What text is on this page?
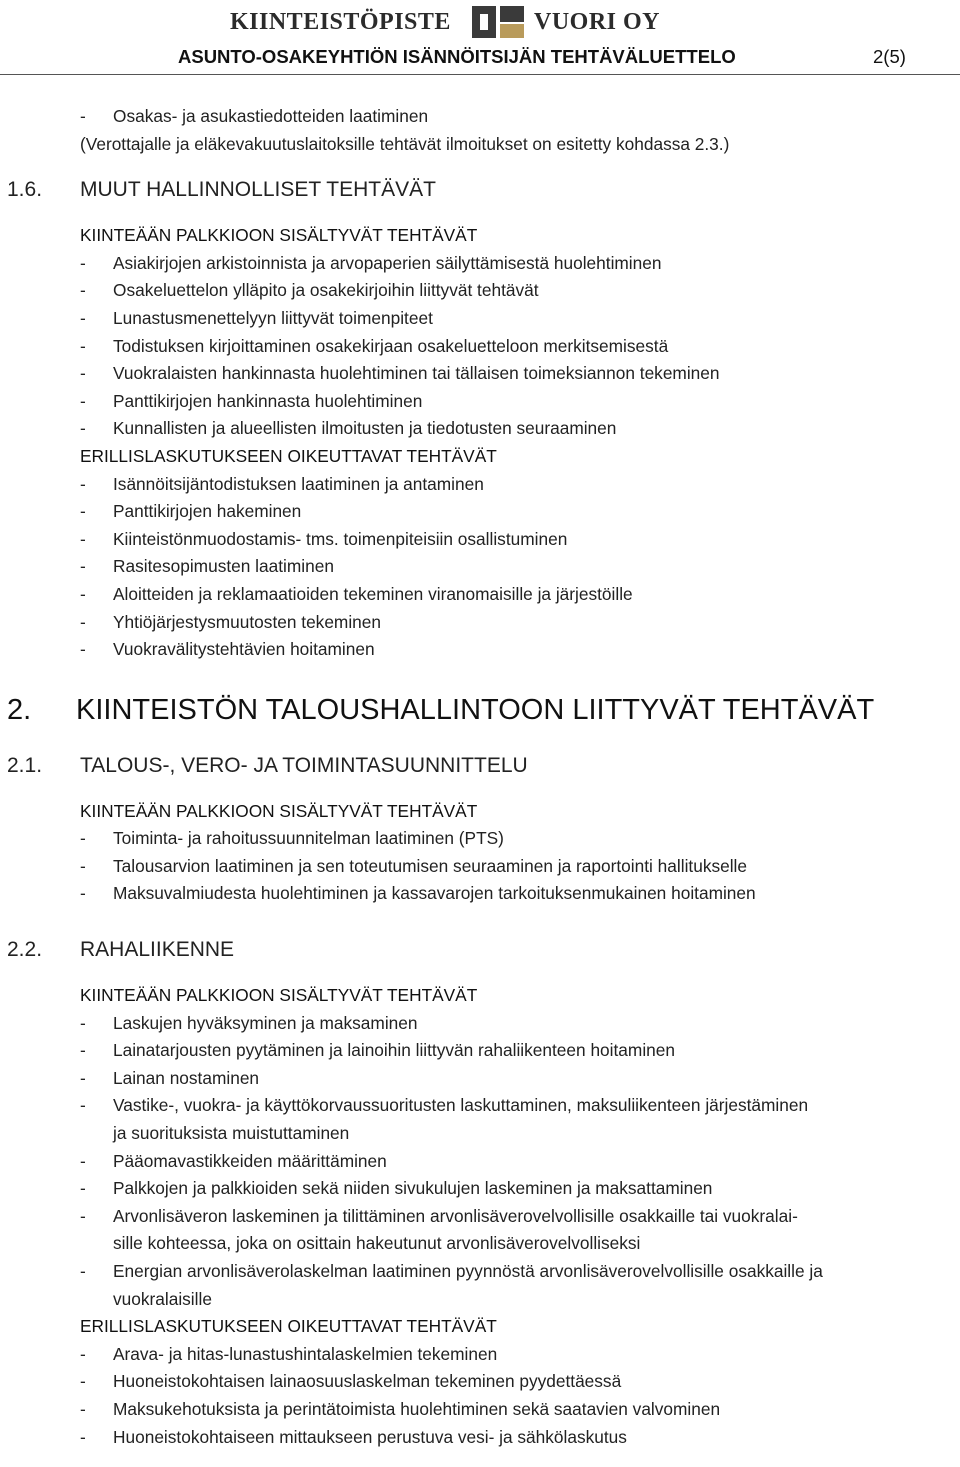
KIINTEISTÖPISTE	VUORI OY
ASUNTO-OSAKEYHTIÖN ISÄNNÖITSIJÄN TEHTÄVÄLUETTELO	2(5)
- Osakas- ja asukastiedotteiden laatiminen
(Verottajalle ja eläkevakuutuslaitoksille tehtävät ilmoitukset on esitetty kohdassa 2.3.)
1.6. MUUT HALLINNOLLISET TEHTÄVÄT
KIINTEÄÄN PALKKIOON SISÄLTYVÄT TEHTÄVÄT
- Asiakirjojen arkistoinnista ja arvopaperien säilyttämisestä huolehtiminen
- Osakeluettelon ylläpito ja osakekirjoihin liittyvät tehtävät
- Lunastusmenettelyyn liittyvät toimenpiteet
- Todistuksen kirjoittaminen osakekirjaan osakeluetteloon merkitsemisestä
- Vuokralaisten hankinnasta huolehtiminen tai tällaisen toimeksiannon tekeminen
- Panttikirjojen hankinnasta huolehtiminen
- Kunnallisten ja alueellisten ilmoitusten ja tiedotusten seuraaminen
ERILLISLASKUTUKSEEN OIKEUTTAVAT TEHTÄVÄT
- Isännöitsijäntodistuksen laatiminen ja antaminen
- Panttikirjojen hakeminen
- Kiinteistönmuodostamis- tms. toimenpiteisiin osallistuminen
- Rasitesopimusten laatiminen
- Aloitteiden ja reklamaatioiden tekeminen viranomaisille ja järjestöille
- Yhtiöjärjestysmuutosten tekeminen
- Vuokravälitystehtävien hoitaminen
2. KIINTEISTÖN TALOUSHALLINTOON LIITTYVÄT TEHTÄVÄT
2.1. TALOUS-, VERO- JA TOIMINTASUUNNITTELU
KIINTEÄÄN PALKKIOON SISÄLTYVÄT TEHTÄVÄT
- Toiminta- ja rahoitussuunnitelman laatiminen (PTS)
- Talousarvion laatiminen ja sen toteutumisen seuraaminen ja raportointi hallitukselle
- Maksuvalmiudesta huolehtiminen ja kassavarojen tarkoituksenmukainen hoitaminen
2.2. RAHALIIKENNE
KIINTEÄÄN PALKKIOON SISÄLTYVÄT TEHTÄVÄT
- Laskujen hyväksyminen ja maksaminen
- Lainatarjousten pyytäminen ja lainoihin liittyvän rahaliikenteen hoitaminen
- Lainan nostaminen
- Vastike-, vuokra- ja käyttökorvaussuoritusten laskuttaminen, maksuliikenteen järjestäminen
ja suorituksista muistuttaminen
- Pääomavastikkeiden määrittäminen
- Palkkojen ja palkkioiden sekä niiden sivukulujen laskeminen ja maksattaminen
- Arvonlisäveron laskeminen ja tilittäminen arvonlisäverovelvollisille osakkaille tai vuokralai-
sille kohteessa, joka on osittain hakeutunut arvonlisäverovelvolliseksi
- Energian arvonlisäverolaskelman laatiminen pyynnöstä arvonlisäverovelvollisille osakkaille ja
vuokralaisille
ERILLISLASKUTUKSEEN OIKEUTTAVAT TEHTÄVÄT
- Arava- ja hitas-lunastushintalaskelmien tekeminen
- Huoneistokohtaisen lainaosuuslaskelman tekeminen pyydettäessä
- Maksukehotuksista ja perintätoimista huolehtiminen sekä saatavien valvominen
- Huoneistokohtaiseen mittaukseen perustuva vesi- ja sähkölaskutus
